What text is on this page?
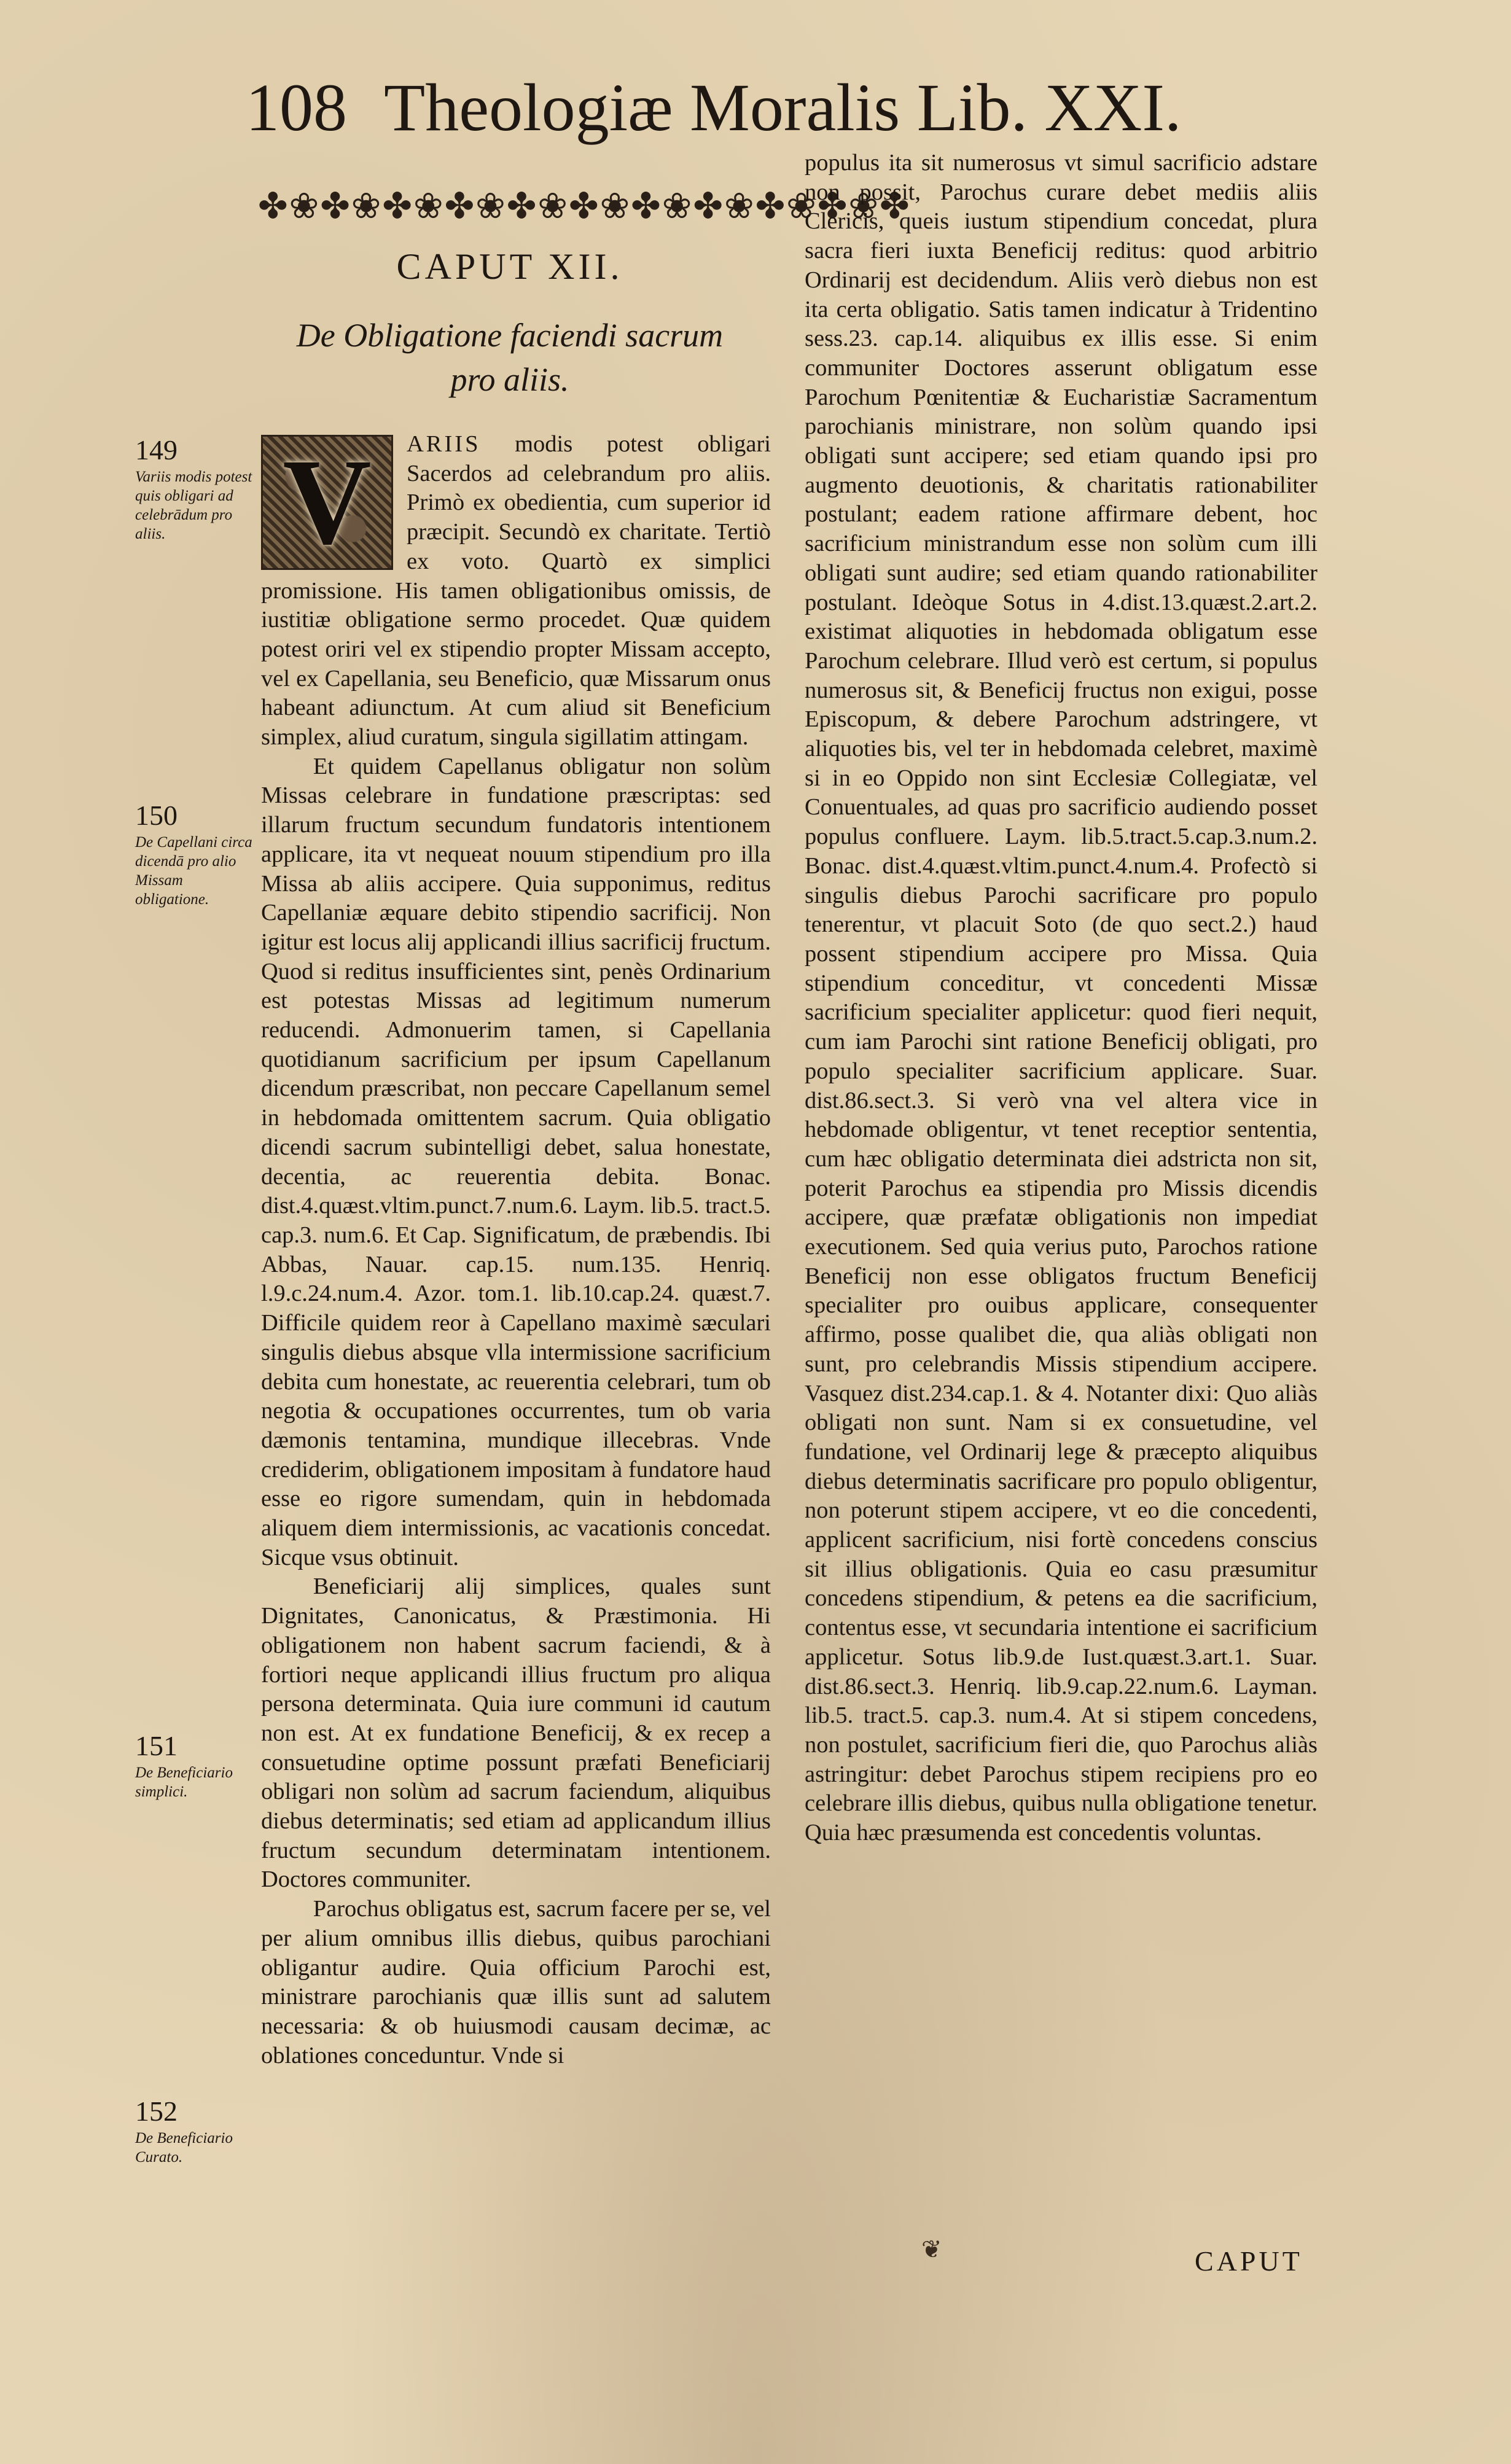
108 Theologiæ Moralis Lib. XXI.
✤❀✤❀✤❀✤❀✤❀✤❀✤❀✤❀✤❀✤❀✤
CAPUT XII.
De Obligatione faciendi sacrum pro aliis.
149
Variis modis potest quis obligari ad celebrādum pro aliis.
150
De Capellani circa dicendā pro alio Missam obligatione.
151
De Beneficiario simplici.
152
De Beneficiario Curato.

V	ARIIS modis potest obligari Sacerdos ad celebrandum pro aliis. Primò ex obedientia, cum superior id præcipit. Secundò ex charitate. Tertiò ex voto. Quartò ex simplici promissione. His tamen obligationibus omissis, de iustitiæ obligatione sermo procedet. Quæ quidem potest oriri vel ex stipendio propter Missam accepto, vel ex Capellania, seu Beneficio, quæ Missarum onus habeant adiunctum. At cum aliud sit Beneficium simplex, aliud curatum, singula sigillatim attingam.

Et quidem Capellanus obligatur non solùm Missas celebrare in fundatione præscriptas: sed illarum fructum secundum fundatoris intentionem applicare, ita vt nequeat nouum stipendium pro illa Missa ab aliis accipere. Quia supponimus, reditus Capellaniæ æquare debito stipendio sacrificij. Non igitur est locus alij applicandi illius sacrificij fructum. Quod si reditus insufficientes sint, penès Ordinarium est potestas Missas ad legitimum numerum reducendi. Admonuerim tamen, si Capellania quotidianum sacrificium per ipsum Capellanum dicendum præscribat, non peccare Capellanum semel in hebdomada omittentem sacrum. Quia obligatio dicendi sacrum subintelligi debet, salua honestate, decentia, ac reuerentia debita. Bonac. dist.4.quæst.vltim.punct.7.num.6. Laym. lib.5. tract.5. cap.3. num.6. Et Cap. Significatum, de præbendis. Ibi Abbas, Nauar. cap.15. num.135. Henriq. l.9.c.24.num.4. Azor. tom.1. lib.10.cap.24. quæst.7. Difficile quidem reor à Capellano maximè sæculari singulis diebus absque vlla intermissione sacrificium debita cum honestate, ac reuerentia celebrari, tum ob negotia & occupationes occurrentes, tum ob varia dæmonis tentamina, mundique illecebras. Vnde crediderim, obligationem impositam à fundatore haud esse eo rigore sumendam, quin in hebdomada aliquem diem intermissionis, ac vacationis concedat. Sicque vsus obtinuit.

Beneficiarij alij simplices, quales sunt Dignitates, Canonicatus, & Præstimonia. Hi obligationem non habent sacrum faciendi, & à fortiori neque applicandi illius fructum pro aliqua persona determinata. Quia iure communi id cautum non est. At ex fundatione Beneficij, & ex recep a consuetudine optime possunt præfati Beneficiarij obligari non solùm ad sacrum faciendum, aliquibus diebus determinatis; sed etiam ad applicandum illius fructum secundum determinatam intentionem. Doctores communiter.

Parochus obligatus est, sacrum facere per se, vel per alium omnibus illis diebus, quibus parochiani obligantur audire. Quia officium Parochi est, ministrare parochianis quæ illis sunt ad salutem necessaria: & ob huiusmodi causam decimæ, ac oblationes conceduntur. Vnde si

populus ita sit numerosus vt simul sacrificio adstare non possit, Parochus curare debet mediis aliis Clericis, queis iustum stipendium concedat, plura sacra fieri iuxta Beneficij reditus: quod arbitrio Ordinarij est decidendum. Aliis verò diebus non est ita certa obligatio. Satis tamen indicatur à Tridentino sess.23. cap.14. aliquibus ex illis esse. Si enim communiter Doctores asserunt obligatum esse Parochum Pœnitentiæ & Eucharistiæ Sacramentum parochianis ministrare, non solùm quando ipsi obligati sunt accipere; sed etiam quando ipsi pro augmento deuotionis, & charitatis rationabiliter postulant; eadem ratione affirmare debent, hoc sacrificium ministrandum esse non solùm cum illi obligati sunt audire; sed etiam quando rationabiliter postulant. Ideòque Sotus in 4.dist.13.quæst.2.art.2. existimat aliquoties in hebdomada obligatum esse Parochum celebrare. Illud verò est certum, si populus numerosus sit, & Beneficij fructus non exigui, posse Episcopum, & debere Parochum adstringere, vt aliquoties bis, vel ter in hebdomada celebret, maximè si in eo Oppido non sint Ecclesiæ Collegiatæ, vel Conuentuales, ad quas pro sacrificio audiendo posset populus confluere. Laym. lib.5.tract.5.cap.3.num.2. Bonac. dist.4.quæst.vltim.punct.4.num.4. Profectò si singulis diebus Parochi sacrificare pro populo tenerentur, vt placuit Soto (de quo sect.2.) haud possent stipendium accipere pro Missa. Quia stipendium conceditur, vt concedenti Missæ sacrificium specialiter applicetur: quod fieri nequit, cum iam Parochi sint ratione Beneficij obligati, pro populo specialiter sacrificium applicare. Suar. dist.86.sect.3. Si verò vna vel altera vice in hebdomade obligentur, vt tenet receptior sententia, cum hæc obligatio determinata diei adstricta non sit, poterit Parochus ea stipendia pro Missis dicendis accipere, quæ præfatæ obligationis non impediat executionem. Sed quia verius puto, Parochos ratione Beneficij non esse obligatos fructum Beneficij specialiter pro ouibus applicare, consequenter affirmo, posse qualibet die, qua aliàs obligati non sunt, pro celebrandis Missis stipendium accipere. Vasquez dist.234.cap.1. & 4. Notanter dixi: Quo aliàs obligati non sunt. Nam si ex consuetudine, vel fundatione, vel Ordinarij lege & præcepto aliquibus diebus determinatis sacrificare pro populo obligentur, non poterunt stipem accipere, vt eo die concedenti, applicent sacrificium, nisi fortè concedens conscius sit illius obligationis. Quia eo casu præsumitur concedens stipendium, & petens ea die sacrificium, contentus esse, vt secundaria intentione ei sacrificium applicetur. Sotus lib.9.de Iust.quæst.3.art.1. Suar. dist.86.sect.3. Henriq. lib.9.cap.22.num.6. Layman. lib.5. tract.5. cap.3. num.4. At si stipem concedens, non postulet, sacrificium fieri die, quo Parochus aliàs astringitur: debet Parochus stipem recipiens pro eo celebrare illis diebus, quibus nulla obligatione tenetur. Quia hæc præsumenda est concedentis voluntas.

❦	CAPUT
